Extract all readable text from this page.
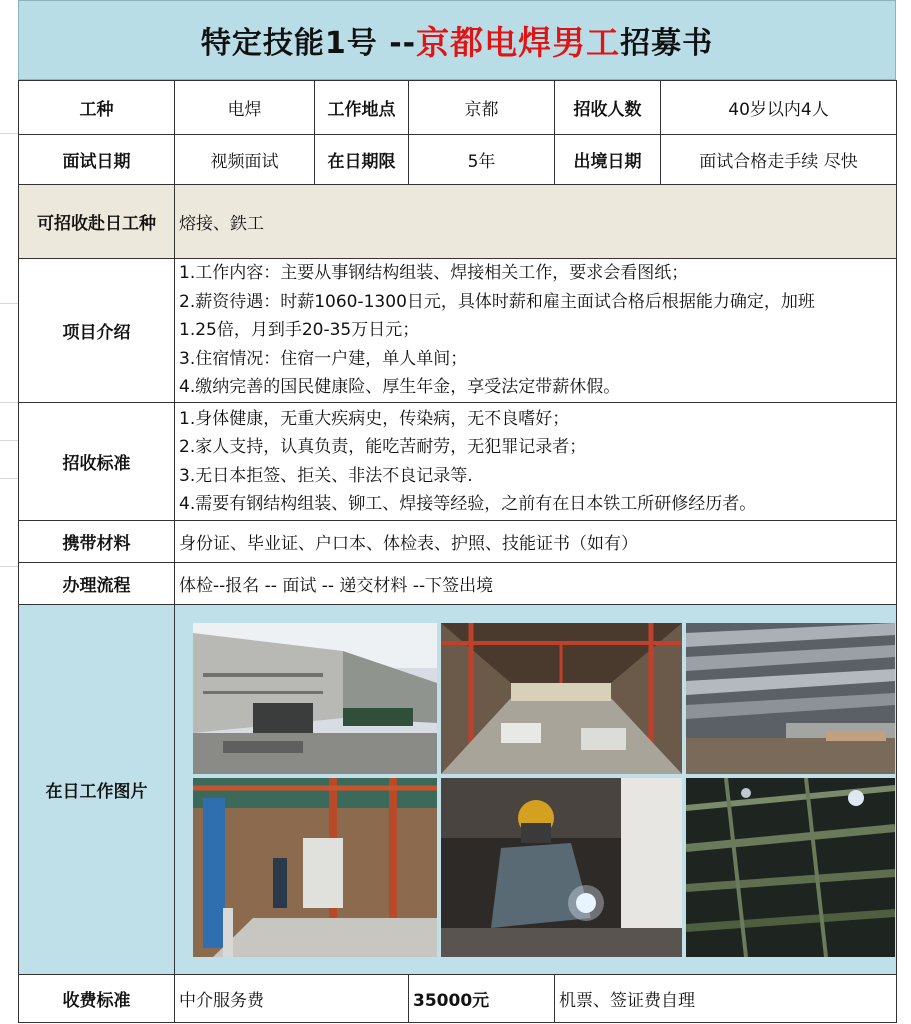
特定技能1号 -- 京都电焊男工 招募书
工种	电焊	工作地点	京都	招收人数	40岁以内4人
面试日期	视频面试	在日期限	5年	出境日期	面试合格走手续 尽快
可招收赴日工种	熔接、鉄工				
项目介绍	1.工作内容：主要从事钢结构组装、焊接相关工作，要求会看图纸；
2.薪资待遇：时薪1060-1300日元，具体时薪和雇主面试合格后根据能力确定，加班
1.25倍，月到手20-35万日元；
3.住宿情况：住宿一户建，单人单间；
4.缴纳完善的国民健康险、厚生年金，享受法定带薪休假。				

招收标准	1.身体健康，无重大疾病史，传染病，无不良嗜好；
2.家人支持，认真负责，能吃苦耐劳，无犯罪记录者；
3.无日本拒签、拒关、非法不良记录等.
4.需要有钢结构组装、铆工、焊接等经验，之前有在日本铁工所研修经历者。				

携带材料	身份证、毕业证、户口本、体检表、护照、技能证书（如有）				
办理流程	体检--报名 -- 面试 -- 递交材料 --下签出境				
在日工作图片	

收费标准	中介服务费		35000元	机票、签证费自理	
